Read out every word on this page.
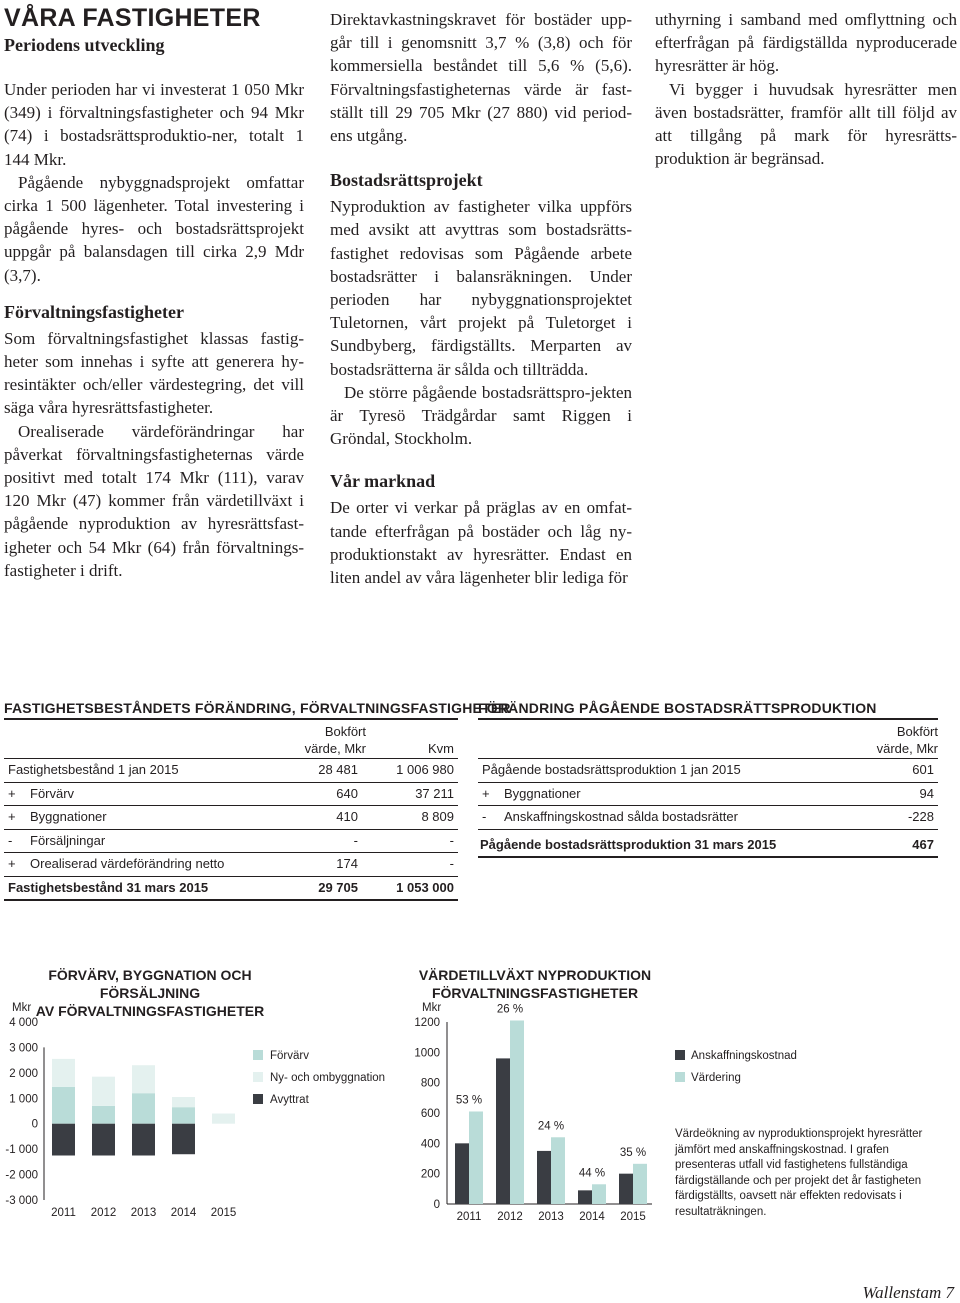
VÅRA FASTIGHETER
Periodens utveckling

Under perioden har vi investerat 1 050 Mkr (349) i förvaltningsfastigheter och 94 Mkr (74) i bostadsrättsproduktio-ner, totalt 1 144 Mkr.

Pågående nybyggnadsprojekt omfattar cirka 1 500 lägenheter. Total investering i pågående hyres- och bostadsrättsprojekt uppgår på balansdagen till cirka 2,9 Mdr (3,7).

Förvaltningsfastigheter

Som förvaltningsfastighet klassas fastig-heter som innehas i syfte att generera hy-resintäkter och/eller värdestegring, det vill säga våra hyresrättsfastigheter.

Orealiserade värdeförändringar har påverkat förvaltningsfastigheternas värde positivt med totalt 174 Mkr (111), varav 120 Mkr (47) kommer från värdetillväxt i pågående nyproduktion av hyresrättsfast-igheter och 54 Mkr (64) från förvaltnings-fastigheter i drift.

Direktavkastningskravet för bostäder upp-går till i genomsnitt 3,7 % (3,8) och för kommersiella beståndet till 5,6 % (5,6). Förvaltningsfastigheternas värde är fast-ställt till 29 705 Mkr (27 880) vid period-ens utgång.

Bostadsrättsprojekt

Nyproduktion av fastigheter vilka uppförs med avsikt att avyttras som bostadsrätts-fastighet redovisas som Pågående arbete bostadsrätter i balansräkningen. Under perioden har nybyggnationsprojektet Tuletornen, vårt projekt på Tuletorget i Sundbyberg, färdigställts. Merparten av bostadsrätterna är sålda och tillträdda.

De större pågående bostadsrättspro-jekten är Tyresö Trädgårdar samt Riggen i Gröndal, Stockholm.

Vår marknad

De orter vi verkar på präglas av en omfat-tande efterfrågan på bostäder och låg ny-produktionstakt av hyresrätter. Endast en liten andel av våra lägenheter blir lediga för

uthyrning i samband med omflyttning och efterfrågan på färdigställda nyproducerade hyresrätter är hög.

Vi bygger i huvudsak hyresrätter men även bostadsrätter, framför allt till följd av att tillgång på mark för hyresrätts-produktion är begränsad.

FASTIGHETSBESTÅNDETS FÖRÄNDRING, FÖRVALTNINGSFASTIGHETER
Bokfört
värde, Mkr	Kvm
Fastighetsbestånd 1 jan 2015	28 481	1 006 980
+ Förvärv	640	37 211
+ Byggnationer	410	8 809
- Försäljningar	-	-
+ Orealiserad värdeförändring netto	174	-
Fastighetsbestånd 31 mars 2015	29 705	1 053 000
FÖRÄNDRING PÅGÅENDE BOSTADSRÄTTSPRODUKTION
Bokfört
värde, Mkr
Pågående bostadsrättsproduktion 1 jan 2015	601
+ Byggnationer	94
- Anskaffningskostnad sålda bostadsrätter	-228
Pågående bostadsrättsproduktion 31 mars 2015	467
FÖRVÄRV, BYGGNATION OCH FÖRSÄLJNING
AV FÖRVALTNINGSFASTIGHETER
Mkr
4 000
3 000
2 000
1 000
0
-1 000
-2 000
-3 000
2011 2012 2013 2014 2015
Förvärv
Ny- och ombyggnation
Avyttrat
VÄRDETILLVÄXT NYPRODUKTION
FÖRVALTNINGSFASTIGHETER
Mkr
1200
1000
800
600
400
200
0
53 %
2011
26 %
2012
24 %
2013
44 %
2014
35 %
2015
Anskaffningskostnad
Värdering
Värdeökning av nyproduktionsprojekt hyresrätter jämfört med anskaffningskostnad. I grafen presenteras utfall vid fastighetens fullständiga färdigställande och per projekt det år fastigheten färdigställts, oavsett när effekten redovisats i resultaträkningen.
Wallenstam 7
